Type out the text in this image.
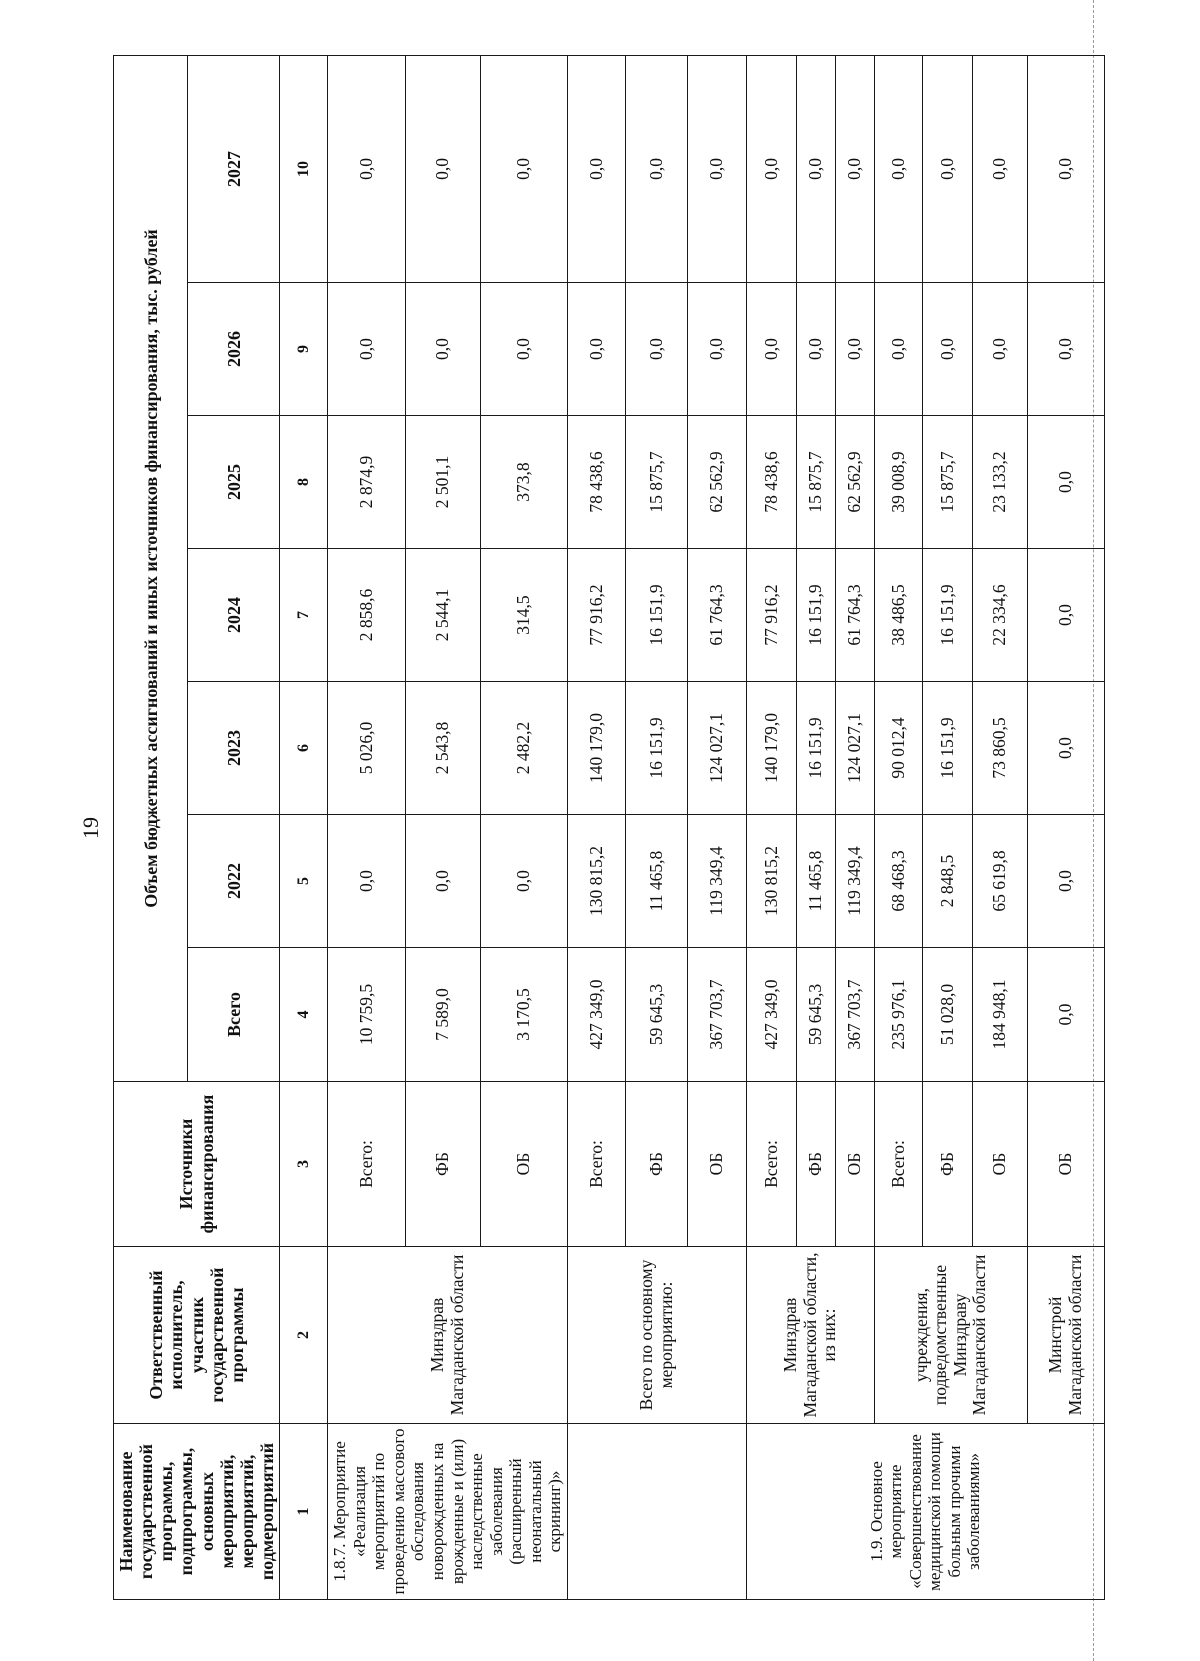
19
Наименование государственной программы, подпрограммы, основных мероприятий, мероприятий, подмероприятий	Ответственный исполнитель, участник государственной программы	Источники финансирования	Объем бюджетных ассигнований и иных источников финансирования, тыс. рублей						
			Всего	2022	2023	2024	2025	2026	2027
1	2	3	4	5	6	7	8	9	10
1.8.7. Мероприятие «Реализация мероприятий по проведению массового обследования новорожденных на врожденные и (или) наследственные заболевания (расширенный неонатальный скрининг)»	Минздрав Магаданской области	Всего:	10 759,5	0,0	5 026,0	2 858,6	2 874,9	0,0	0,0
		ФБ	7 589,0	0,0	2 543,8	2 544,1	2 501,1	0,0	0,0
		ОБ	3 170,5	0,0	2 482,2	314,5	373,8	0,0	0,0
	Всего по основному мероприятию:	Всего:	427 349,0	130 815,2	140 179,0	77 916,2	78 438,6	0,0	0,0
		ФБ	59 645,3	11 465,8	16 151,9	16 151,9	15 875,7	0,0	0,0
		ОБ	367 703,7	119 349,4	124 027,1	61 764,3	62 562,9	0,0	0,0
1.9. Основное мероприятие «Совершенствование медицинской помощи больным прочими заболеваниями»	Минздрав Магаданской области, из них:	Всего:	427 349,0	130 815,2	140 179,0	77 916,2	78 438,6	0,0	0,0
		ФБ	59 645,3	11 465,8	16 151,9	16 151,9	15 875,7	0,0	0,0
		ОБ	367 703,7	119 349,4	124 027,1	61 764,3	62 562,9	0,0	0,0
	учреждения, подведомственные Минздраву Магаданской области	Всего:	235 976,1	68 468,3	90 012,4	38 486,5	39 008,9	0,0	0,0
		ФБ	51 028,0	2 848,5	16 151,9	16 151,9	15 875,7	0,0	0,0
		ОБ	184 948,1	65 619,8	73 860,5	22 334,6	23 133,2	0,0	0,0
	Минстрой Магаданской области	ОБ	0,0	0,0	0,0	0,0	0,0	0,0	0,0
